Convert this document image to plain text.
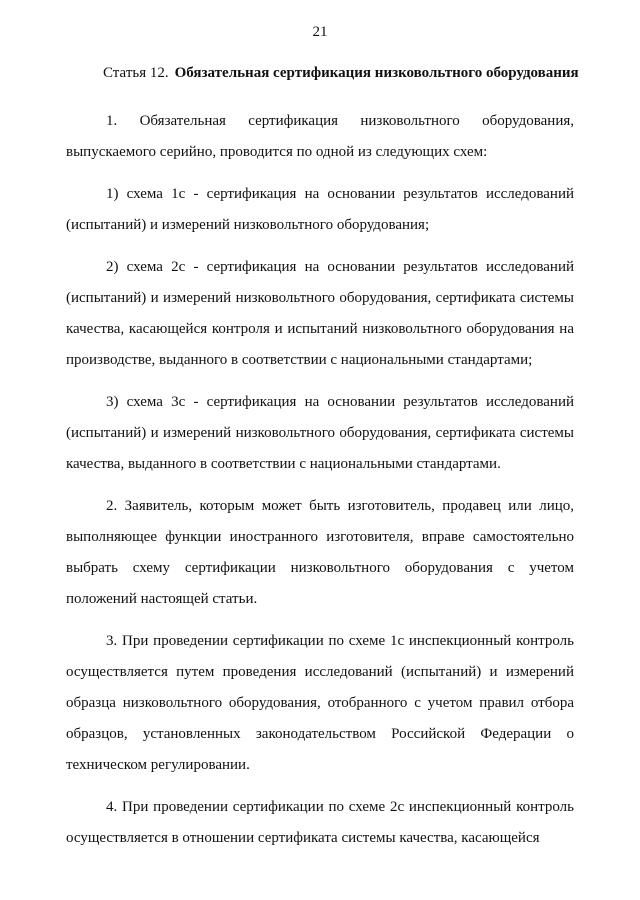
21
Статья 12. Обязательная сертификация низковольтного оборудования

1. Обязательная сертификация низковольтного оборудования, выпускаемого серийно, проводится по одной из следующих схем:

1) схема 1с - сертификация на основании результатов исследований (испытаний) и измерений низковольтного оборудования;

2) схема 2с - сертификация на основании результатов исследований (испытаний) и измерений низковольтного оборудования, сертификата системы качества, касающейся контроля и испытаний низковольтного оборудования на производстве, выданного в соответствии с национальными стандартами;

3) схема 3с - сертификация на основании результатов исследований (испытаний) и измерений низковольтного оборудования, сертификата системы качества, выданного в соответствии с национальными стандартами.

2. Заявитель, которым может быть изготовитель, продавец или лицо, выполняющее функции иностранного изготовителя, вправе самостоятельно выбрать схему сертификации низковольтного оборудования с учетом положений настоящей статьи.

3. При проведении сертификации по схеме 1с инспекционный контроль осуществляется путем проведения исследований (испытаний) и измерений образца низковольтного оборудования, отобранного с учетом правил отбора образцов, установленных законодательством Российской Федерации о техническом регулировании.

4. При проведении сертификации по схеме 2с инспекционный контроль осуществляется в отношении сертификата системы качества, касающейся
